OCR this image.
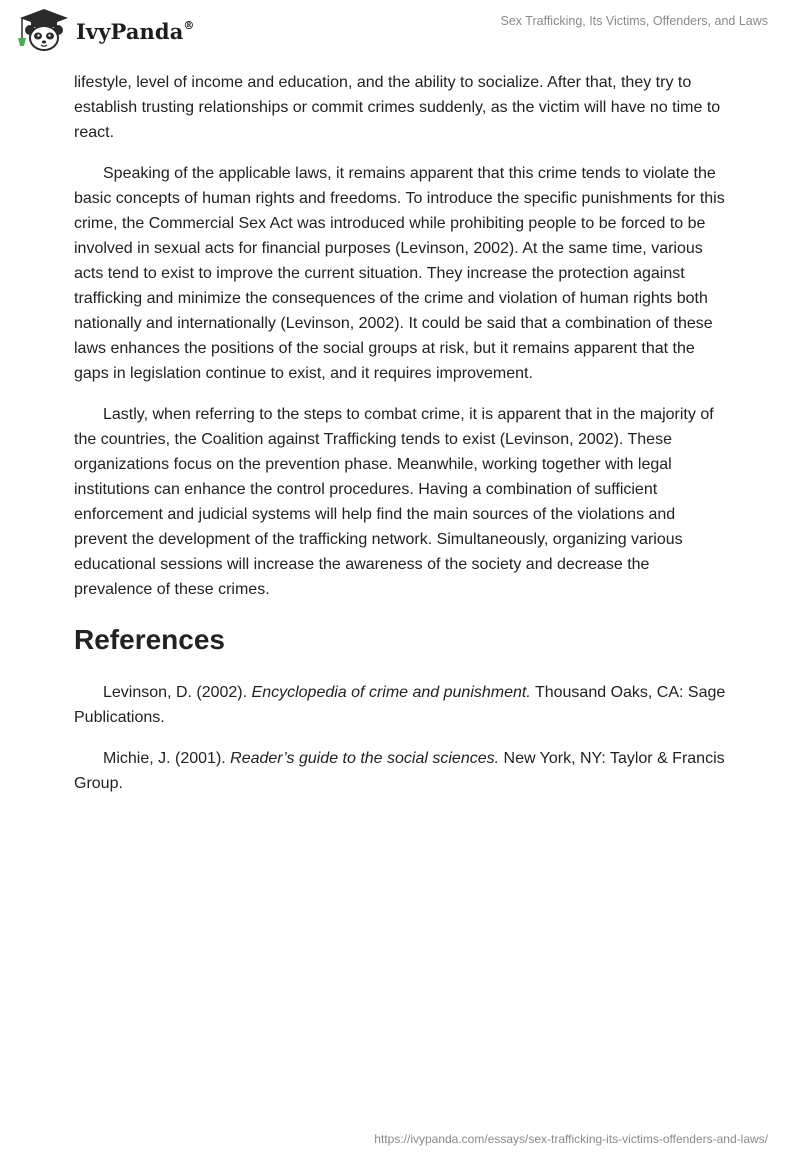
IvyPanda®	Sex Trafficking, Its Victims, Offenders, and Laws

lifestyle, level of income and education, and the ability to socialize. After that, they try to establish trusting relationships or commit crimes suddenly, as the victim will have no time to react.

Speaking of the applicable laws, it remains apparent that this crime tends to violate the basic concepts of human rights and freedoms. To introduce the specific punishments for this crime, the Commercial Sex Act was introduced while prohibiting people to be forced to be involved in sexual acts for financial purposes (Levinson, 2002). At the same time, various acts tend to exist to improve the current situation. They increase the protection against trafficking and minimize the consequences of the crime and violation of human rights both nationally and internationally (Levinson, 2002). It could be said that a combination of these laws enhances the positions of the social groups at risk, but it remains apparent that the gaps in legislation continue to exist, and it requires improvement.

Lastly, when referring to the steps to combat crime, it is apparent that in the majority of the countries, the Coalition against Trafficking tends to exist (Levinson, 2002). These organizations focus on the prevention phase. Meanwhile, working together with legal institutions can enhance the control procedures. Having a combination of sufficient enforcement and judicial systems will help find the main sources of the violations and prevent the development of the trafficking network. Simultaneously, organizing various educational sessions will increase the awareness of the society and decrease the prevalence of these crimes.

References

Levinson, D. (2002). Encyclopedia of crime and punishment. Thousand Oaks, CA: Sage Publications.

Michie, J. (2001). Reader’s guide to the social sciences. New York, NY: Taylor & Francis Group.

https://ivypanda.com/essays/sex-trafficking-its-victims-offenders-and-laws/
